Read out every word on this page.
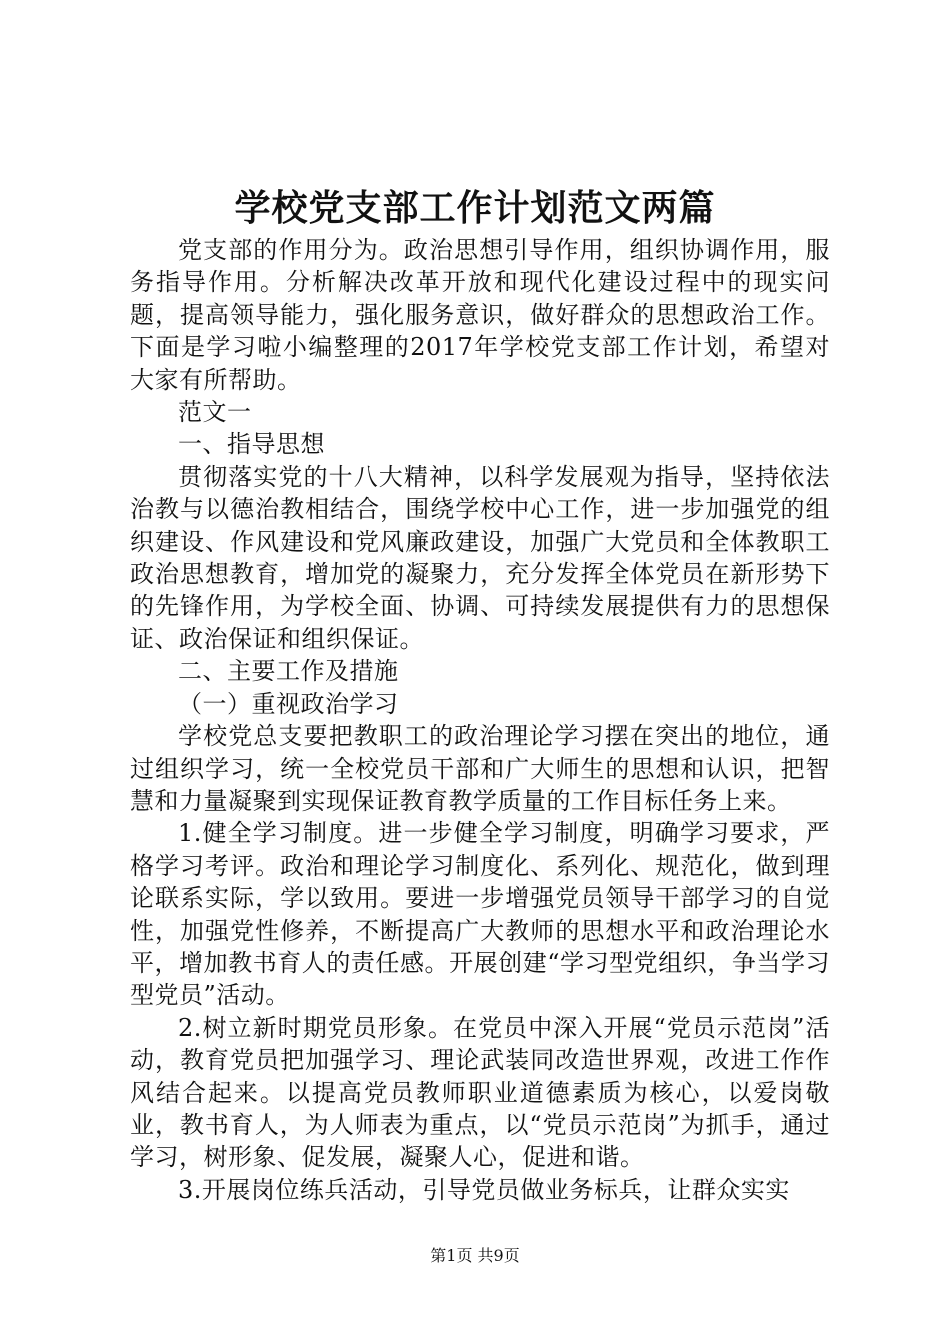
学校党支部工作计划范文两篇

党支部的作用分为。政治思想引导作用，组织协调作用，服务指导作用。分析解决改革开放和现代化建设过程中的现实问题，提高领导能力，强化服务意识，做好群众的思想政治工作。下面是学习啦小编整理的2017年学校党支部工作计划，希望对大家有所帮助。

范文一

一、指导思想

贯彻落实党的十八大精神，以科学发展观为指导，坚持依法治教与以德治教相结合，围绕学校中心工作，进一步加强党的组织建设、作风建设和党风廉政建设，加强广大党员和全体教职工政治思想教育，增加党的凝聚力，充分发挥全体党员在新形势下的先锋作用，为学校全面、协调、可持续发展提供有力的思想保证、政治保证和组织保证。

二、主要工作及措施

（一）重视政治学习

学校党总支要把教职工的政治理论学习摆在突出的地位，通过组织学习，统一全校党员干部和广大师生的思想和认识，把智慧和力量凝聚到实现保证教育教学质量的工作目标任务上来。

1.健全学习制度。进一步健全学习制度，明确学习要求，严格学习考评。政治和理论学习制度化、系列化、规范化，做到理论联系实际，学以致用。要进一步增强党员领导干部学习的自觉性，加强党性修养，不断提高广大教师的思想水平和政治理论水平，增加教书育人的责任感。开展创建“学习型党组织，争当学习型党员”活动。

2.树立新时期党员形象。在党员中深入开展“党员示范岗”活动，教育党员把加强学习、理论武装同改造世界观，改进工作作风结合起来。以提高党员教师职业道德素质为核心，以爱岗敬业，教书育人，为人师表为重点，以“党员示范岗”为抓手，通过学习，树形象、促发展，凝聚人心，促进和谐。

3.开展岗位练兵活动，引导党员做业务标兵，让群众实实

第1页 共9页
